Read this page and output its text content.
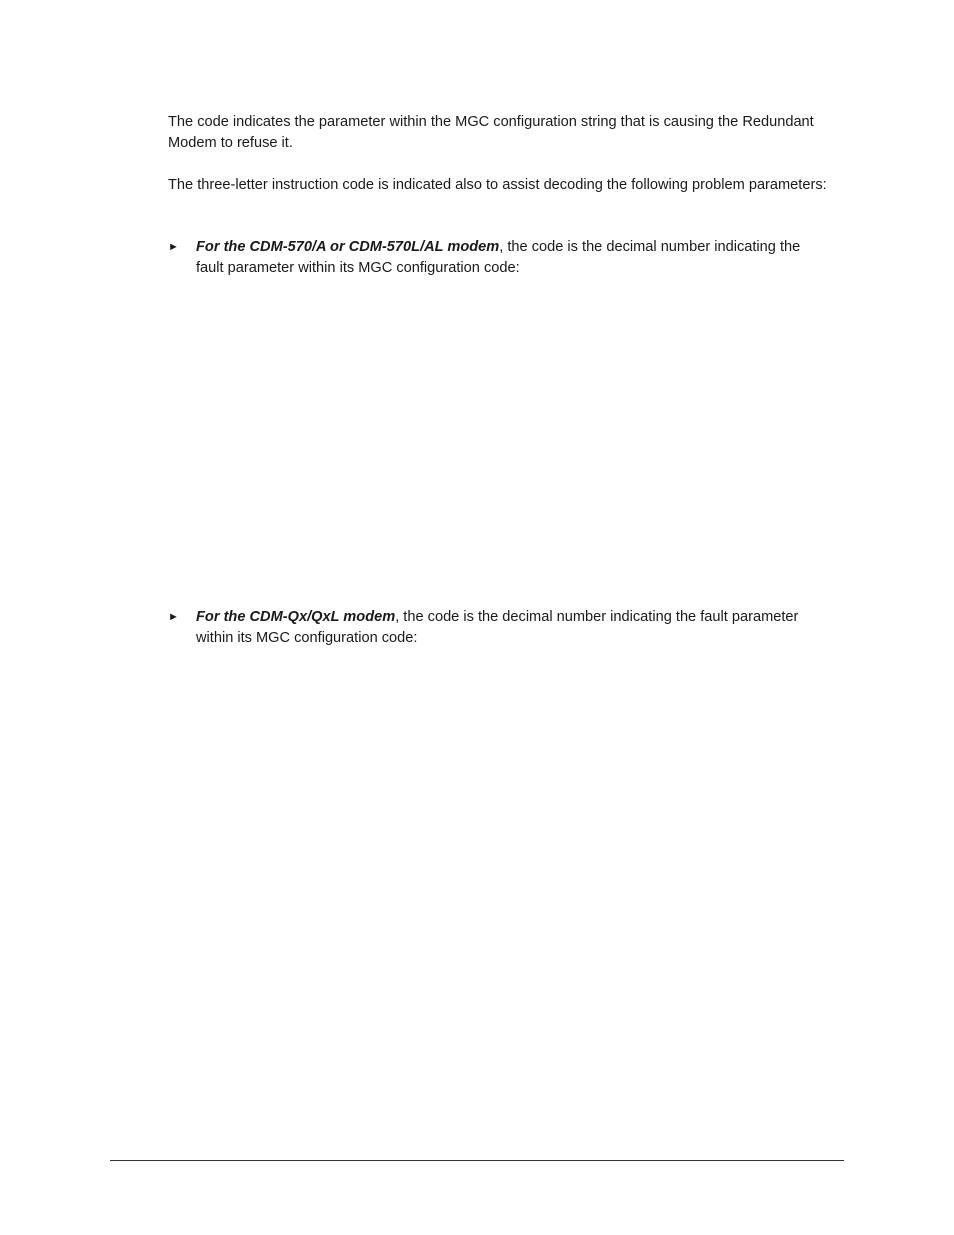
The code indicates the parameter within the MGC configuration string that is causing the Redundant Modem to refuse it.

The three-letter instruction code is indicated also to assist decoding the following problem parameters:

► For the CDM-570/A or CDM-570L/AL modem, the code is the decimal number indicating the fault parameter within its MGC configuration code:
► For the CDM-Qx/QxL modem, the code is the decimal number indicating the fault parameter within its MGC configuration code:
